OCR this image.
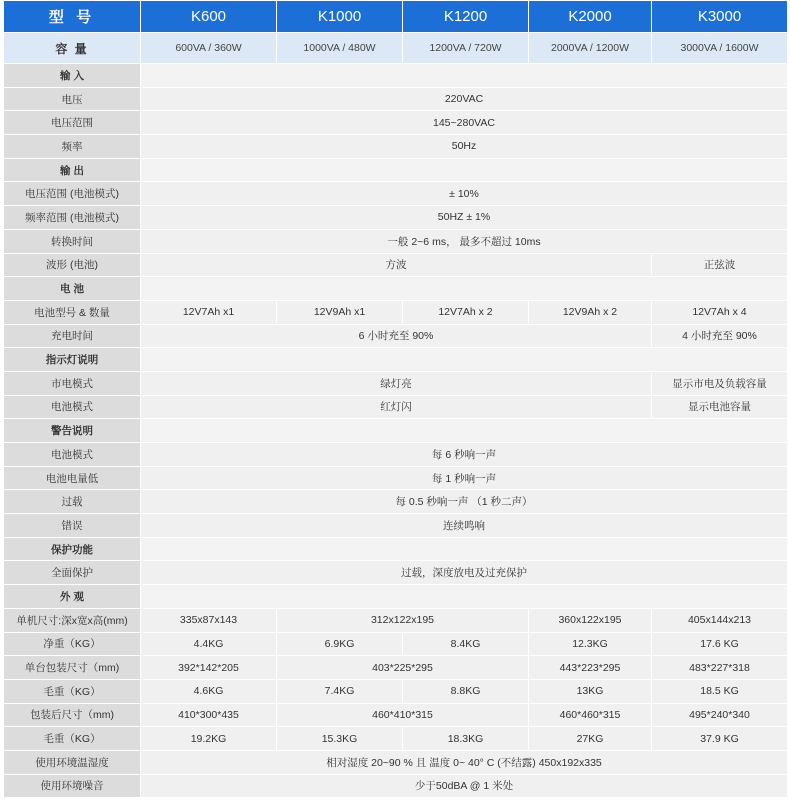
型 号	K600	K1000	K1200	K2000	K3000
容 量	600VA / 360W	1000VA / 480W	1200VA / 720W	2000VA / 1200W	3000VA / 1600W
输 入					
电压	220VAC				
电压范围	145~280VAC				
频率	50Hz				
输 出					
电压范围 (电池模式)	± 10%				
频率范围 (电池模式)	50HZ ± 1%				
转换时间	一般 2~6 ms， 最多不超过 10ms				
波形 (电池)	方波				正弦波
电 池					
电池型号 & 数量	12V7Ah x1	12V9Ah x1	12V7Ah x 2	12V9Ah x 2	12V7Ah x 4
充电时间	6 小时充至 90%				4 小时充至 90%
指示灯说明					
市电模式	绿灯亮				显示市电及负载容量
电池模式	红灯闪				显示电池容量
警告说明					
电池模式	每 6 秒响一声				
电池电量低	每 1 秒响一声				
过载	每 0.5 秒响一声 （1 秒二声）				
错误	连续鸣响				
保护功能					
全面保护	过载，深度放电及过充保护				
外 观					
单机尺寸:深x宽x高(mm)	335x87x143	312x122x195		360x122x195	405x144x213
净重（KG）	4.4KG	6.9KG	8.4KG	12.3KG	17.6 KG
单台包装尺寸（mm)	392*142*205	403*225*295		443*223*295	483*227*318
毛重（KG）	4.6KG	7.4KG	8.8KG	13KG	18.5 KG
包装后尺寸（mm)	410*300*435	460*410*315		460*460*315	495*240*340
毛重（KG）	19.2KG	15.3KG	18.3KG	27KG	37.9 KG
使用环境温湿度	相对湿度 20~90 % 且 温度 0~ 40° C (不结露) 450x192x335				
使用环境噪音	少于50dBA @ 1 米处				
